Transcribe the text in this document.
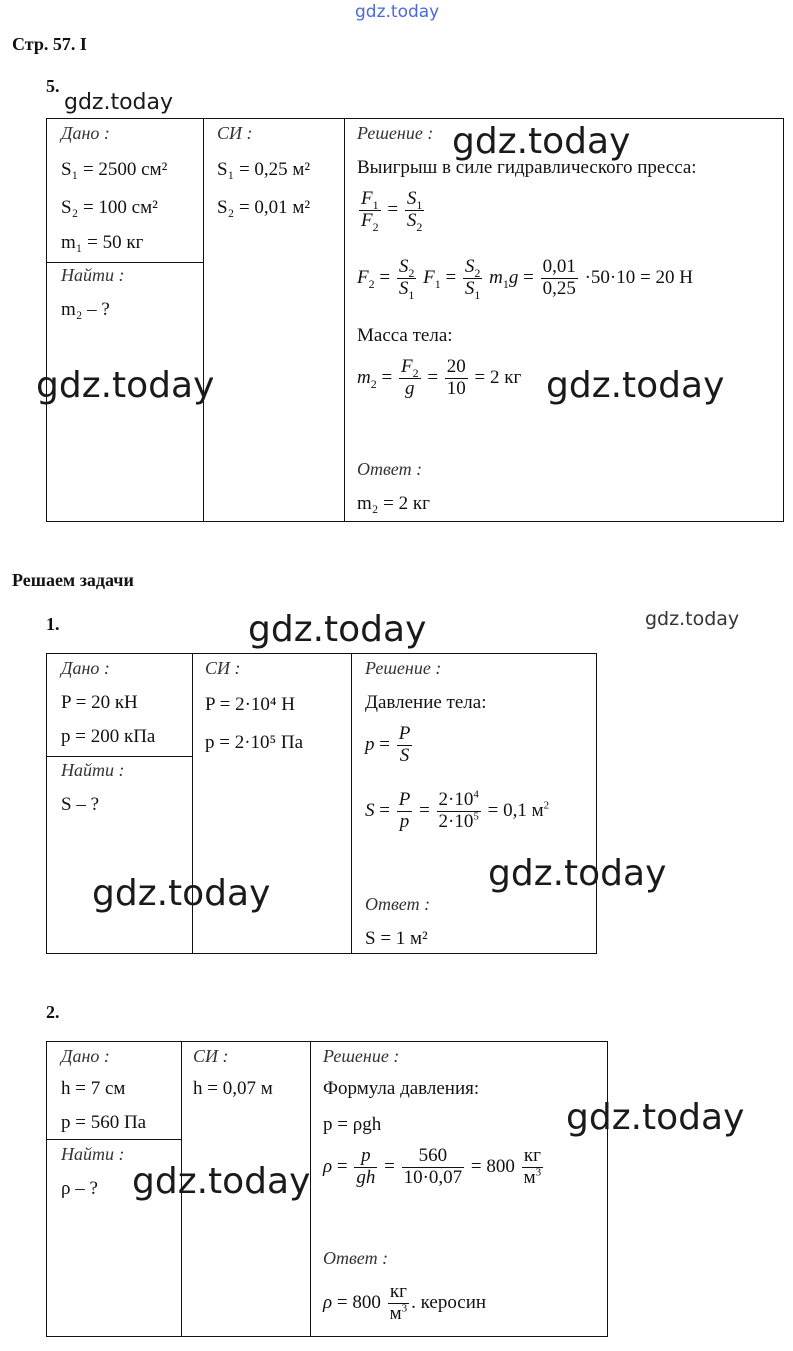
gdz.today
Стр. 57. I
5.
gdz.today
Дано :
S₁ = 2500 см²
S₂ = 100 см²
m₁ = 50 кг
Найти :
m₂ – ?
СИ :
S₁ = 0,25 м²
S₂ = 0,01 м²
Решение :
Выигрыш в силе гидравлического пресса:
$\frac{F_1}{F_2} = \frac{S_1}{S_2}$
$F_2 = \frac{S_2}{S_1} F_1 = \frac{S_2}{S_1} m_1g = \frac{0,01}{0,25} \cdot 50\cdot 10 = 20$ Н
Масса тела:
$m_2 = \frac{F_2}{g} = \frac{20}{10} = 2$ кг
Ответ :
m₂ = 2 кг
gdz.today
gdz.today	gdz.today
Решаем задачи
1.	gdz.today
gdz.today
Дано :
P = 20 кН
p = 200 кПа
Найти :
S – ?
СИ :
P = 2·10⁴ Н
p = 2·10⁵ Па
Решение :
Давление тела:
$p = \frac{P}{S}$
$S = \frac{P}{p} = \frac{2\cdot 10^4}{2\cdot 10^5} = 0,1$ $м^2$
Ответ :
S = 1 м²
gdz.today
gdz.today
2.
Дано :
h = 7 см
p = 560 Па
Найти :
ρ – ?
СИ :
h = 0,07 м
Решение :
Формула давления:
p = ρgh
$\rho = \frac{p}{gh} = \frac{560}{10\cdot 0,07} = 800 \frac{кг}{м^3}$
Ответ :
$\rho = 800 \frac{кг}{м^3}$ . керосин
gdz.today
gdz.today
